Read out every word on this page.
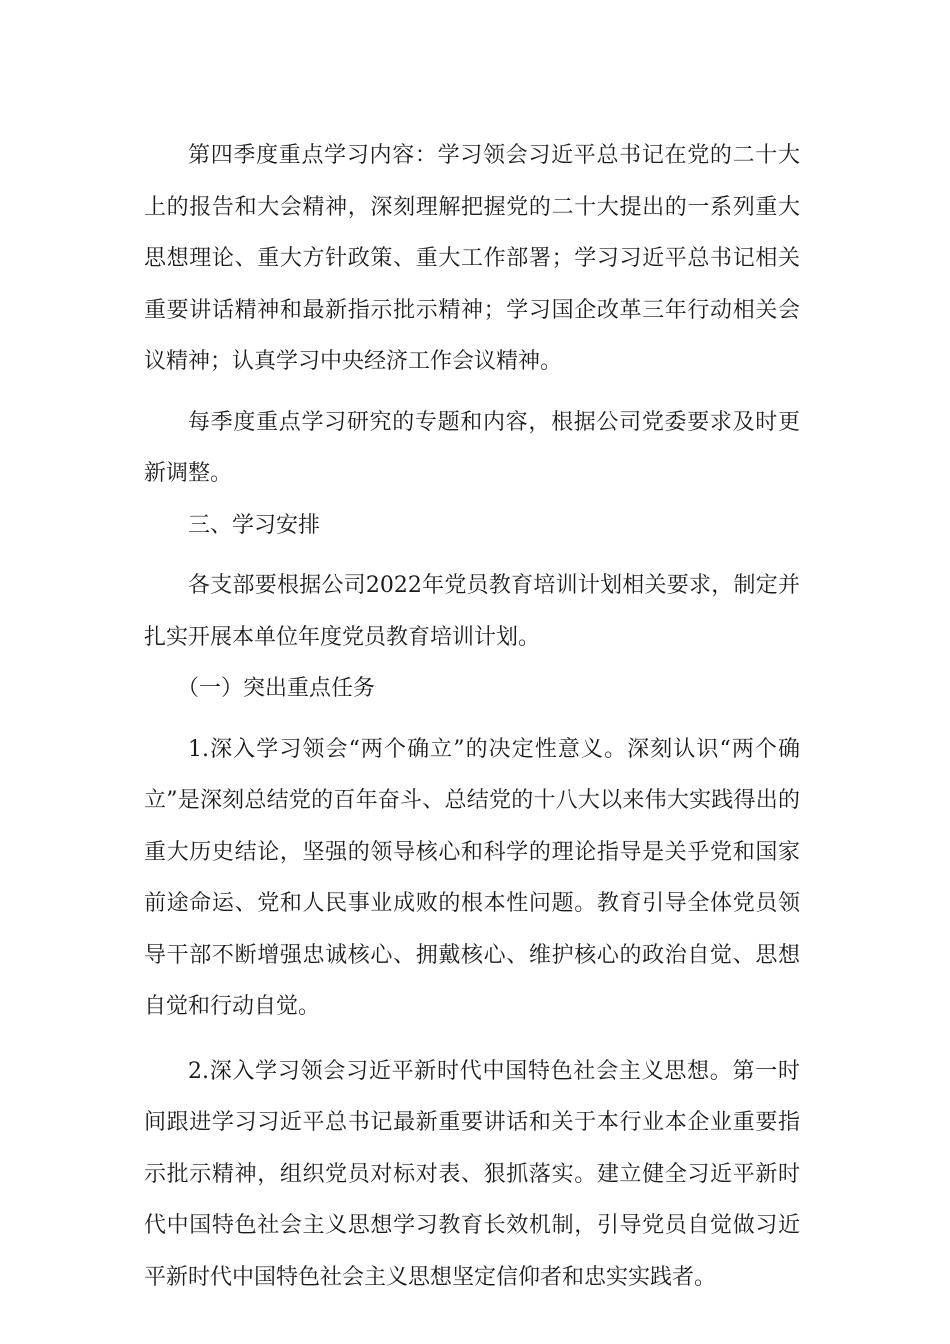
第四季度重点学习内容：学习领会习近平总书记在党的二十大上的报告和大会精神，深刻理解把握党的二十大提出的一系列重大思想理论、重大方针政策、重大工作部署；学习习近平总书记相关重要讲话精神和最新指示批示精神；学习国企改革三年行动相关会议精神；认真学习中央经济工作会议精神。

每季度重点学习研究的专题和内容，根据公司党委要求及时更新调整。

三、学习安排

各支部要根据公司2022年党员教育培训计划相关要求，制定并扎实开展本单位年度党员教育培训计划。

（一）突出重点任务

1.深入学习领会“两个确立”的决定性意义。深刻认识“两个确立”是深刻总结党的百年奋斗、总结党的十八大以来伟大实践得出的重大历史结论，坚强的领导核心和科学的理论指导是关乎党和国家前途命运、党和人民事业成败的根本性问题。教育引导全体党员领导干部不断增强忠诚核心、拥戴核心、维护核心的政治自觉、思想自觉和行动自觉。

2.深入学习领会习近平新时代中国特色社会主义思想。第一时间跟进学习习近平总书记最新重要讲话和关于本行业本企业重要指示批示精神，组织党员对标对表、狠抓落实。建立健全习近平新时代中国特色社会主义思想学习教育长效机制，引导党员自觉做习近平新时代中国特色社会主义思想坚定信仰者和忠实实践者。
